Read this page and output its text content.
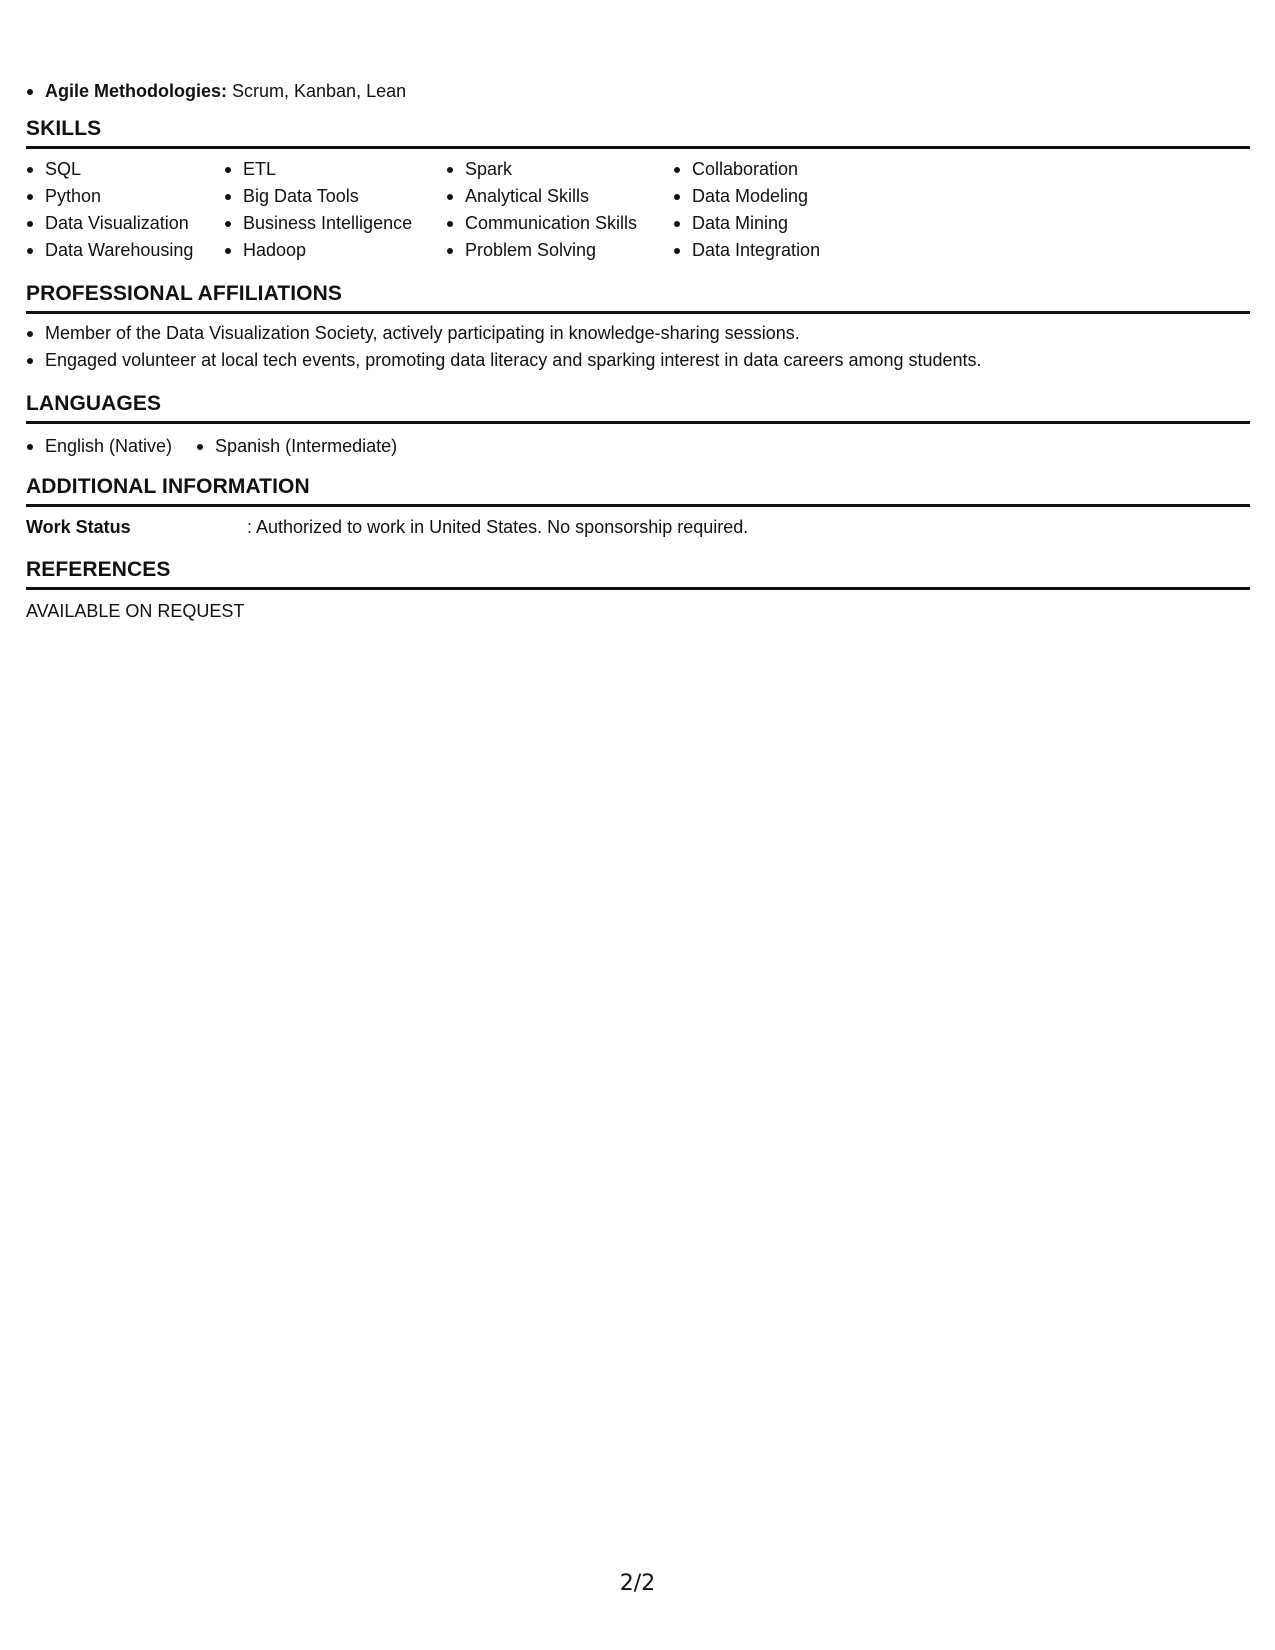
Agile Methodologies: Scrum, Kanban, Lean
SKILLS
SQL
Python
Data Visualization
Data Warehousing
ETL
Big Data Tools
Business Intelligence
Hadoop
Spark
Analytical Skills
Communication Skills
Problem Solving
Collaboration
Data Modeling
Data Mining
Data Integration
PROFESSIONAL AFFILIATIONS
Member of the Data Visualization Society, actively participating in knowledge-sharing sessions.
Engaged volunteer at local tech events, promoting data literacy and sparking interest in data careers among students.
LANGUAGES
English (Native)	Spanish (Intermediate)
ADDITIONAL INFORMATION
Work Status	: Authorized to work in United States. No sponsorship required.
REFERENCES
AVAILABLE ON REQUEST
2/2
